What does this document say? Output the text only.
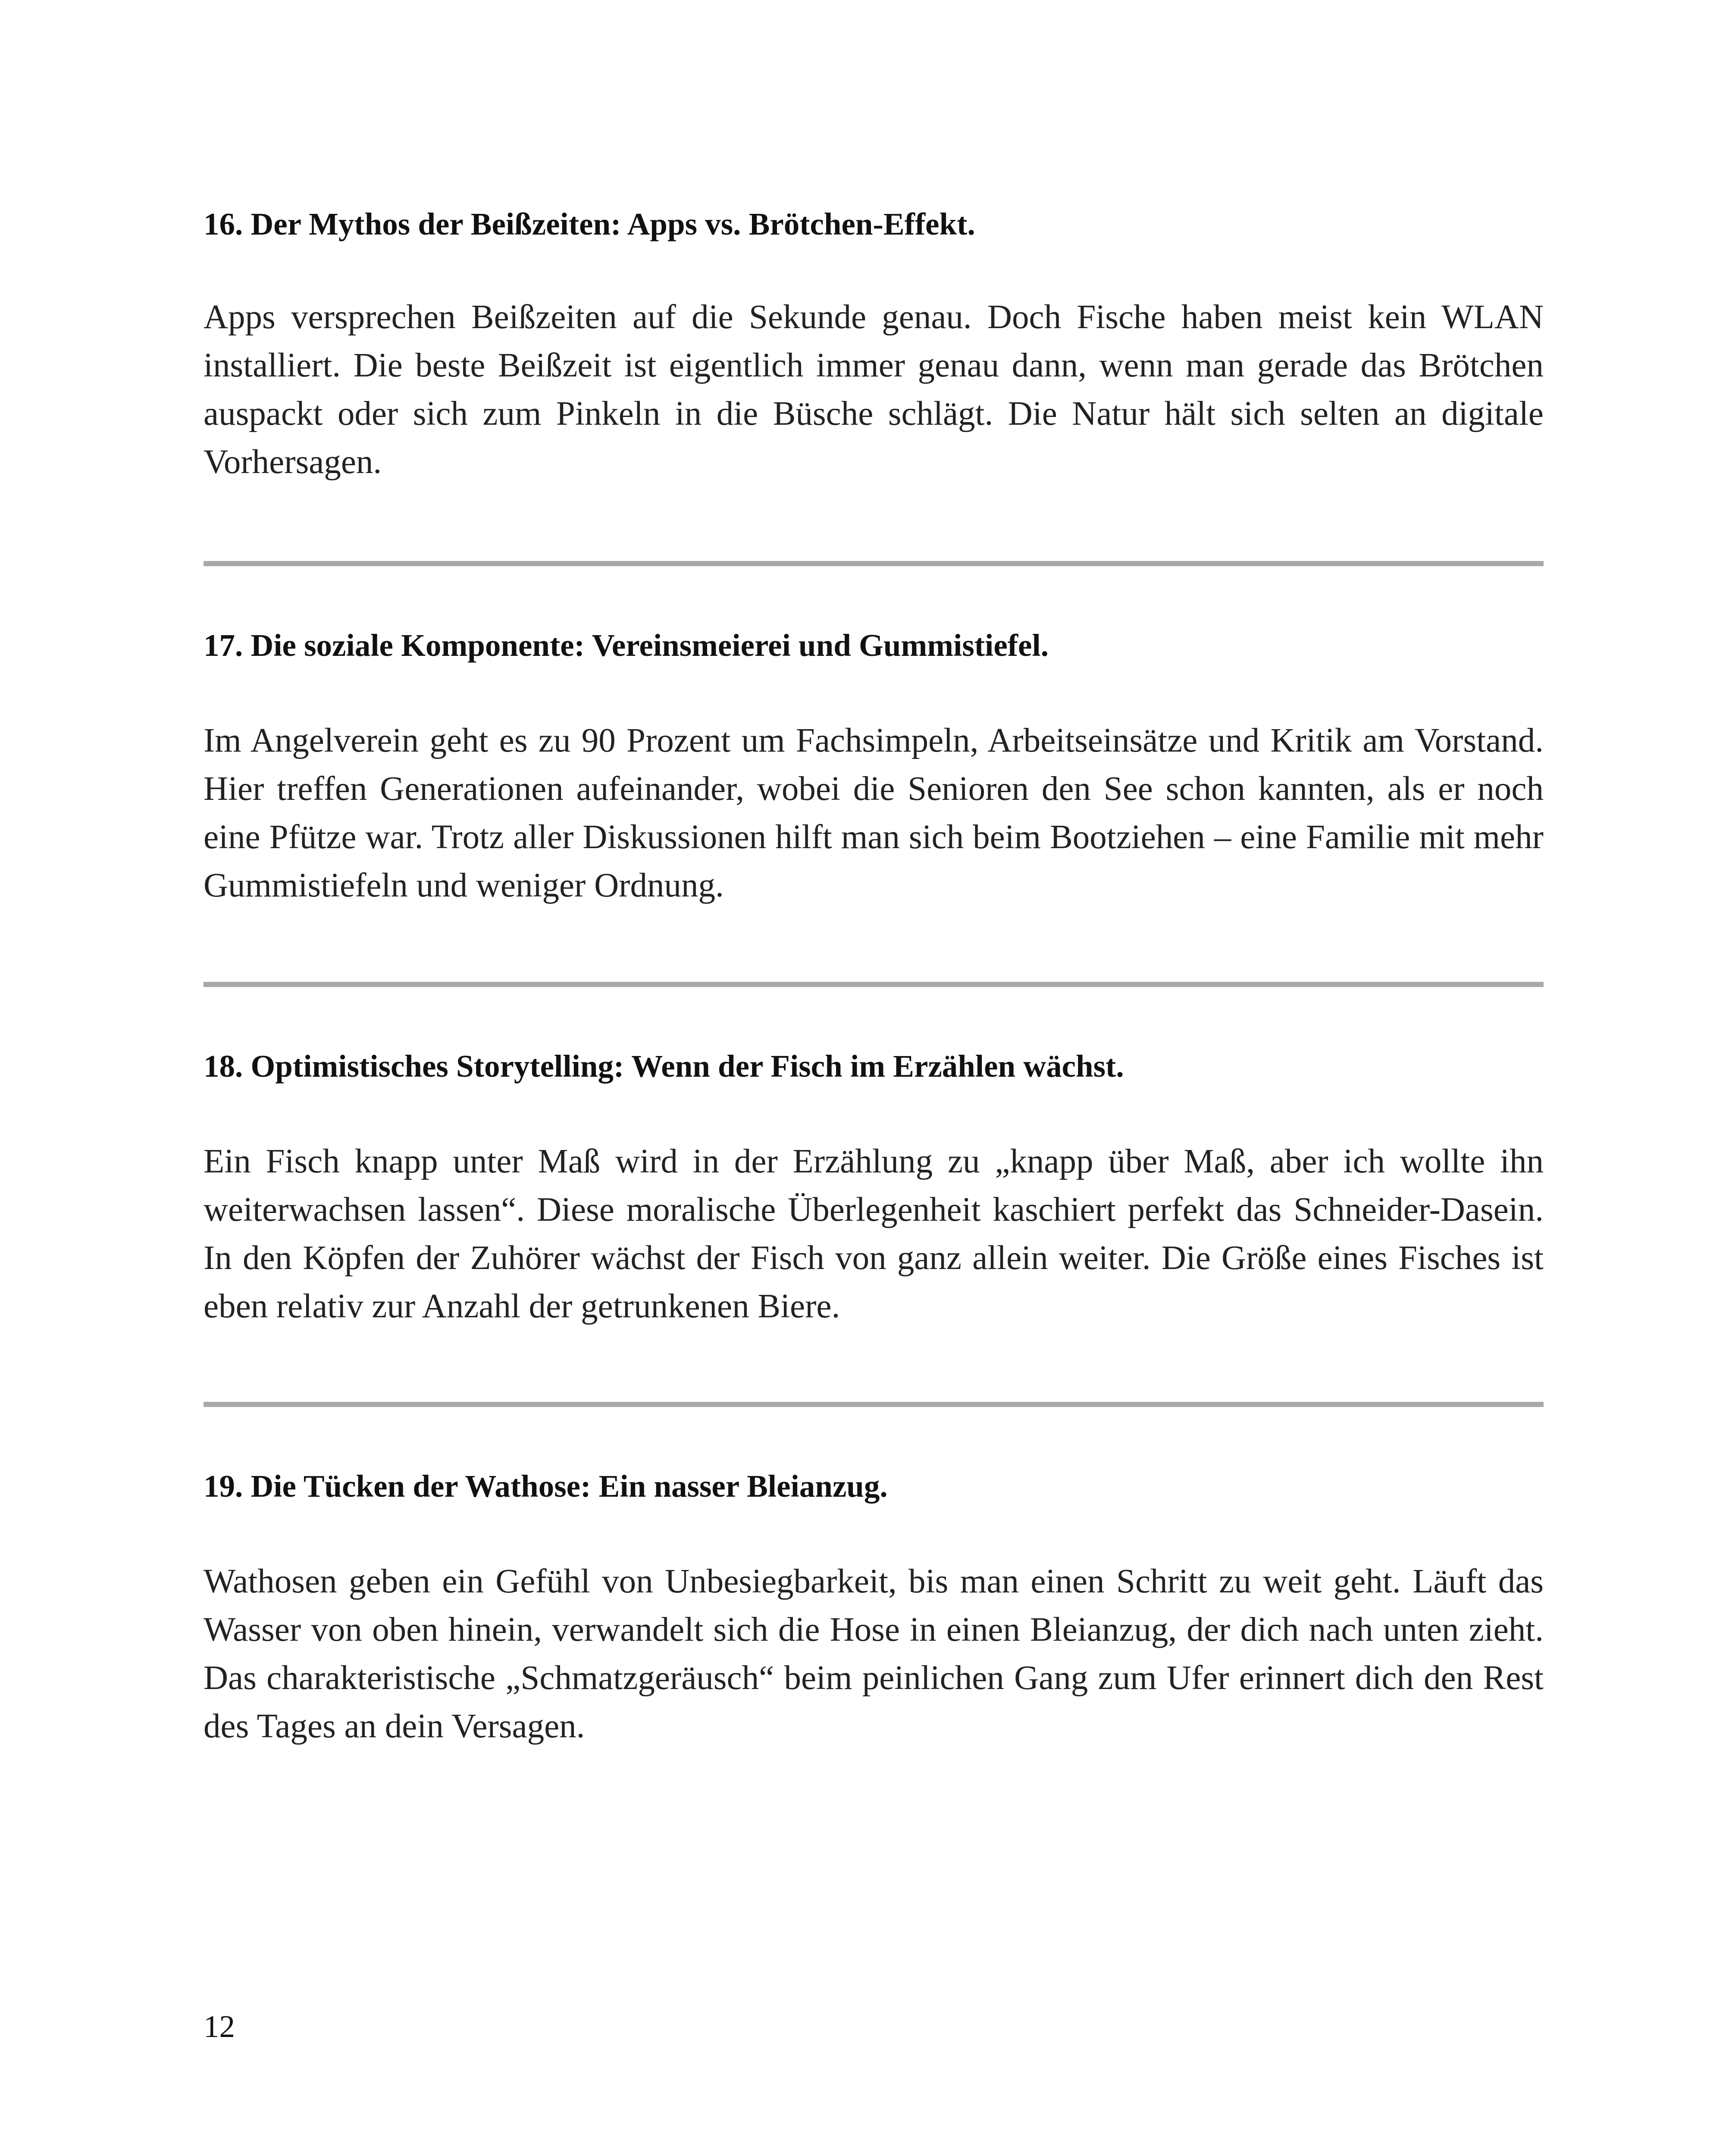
16. Der Mythos der Beißzeiten: Apps vs. Brötchen-Effekt.

Apps versprechen Beißzeiten auf die Sekunde genau. Doch Fische haben meist kein WLAN installiert. Die beste Beißzeit ist eigentlich immer genau dann, wenn man gerade das Brötchen auspackt oder sich zum Pinkeln in die Büsche schlägt. Die Natur hält sich selten an digitale Vorhersagen.

17. Die soziale Komponente: Vereinsmeierei und Gummistiefel.

Im Angelverein geht es zu 90 Prozent um Fachsimpeln, Arbeitseinsätze und Kritik am Vorstand. Hier treffen Generationen aufeinander, wobei die Senioren den See schon kannten, als er noch eine Pfütze war. Trotz aller Diskussionen hilft man sich beim Bootziehen – eine Familie mit mehr Gummistiefeln und weniger Ordnung.

18. Optimistisches Storytelling: Wenn der Fisch im Erzählen wächst.

Ein Fisch knapp unter Maß wird in der Erzählung zu „knapp über Maß, aber ich wollte ihn weiterwachsen lassen“. Diese moralische Überlegenheit kaschiert perfekt das Schneider-Dasein. In den Köpfen der Zuhörer wächst der Fisch von ganz allein weiter. Die Größe eines Fisches ist eben relativ zur Anzahl der getrunkenen Biere.

19. Die Tücken der Wathose: Ein nasser Bleianzug.

Wathosen geben ein Gefühl von Unbesiegbarkeit, bis man einen Schritt zu weit geht. Läuft das Wasser von oben hinein, verwandelt sich die Hose in einen Bleianzug, der dich nach unten zieht. Das charakteristische „Schmatzgeräusch“ beim peinlichen Gang zum Ufer erinnert dich den Rest des Tages an dein Versagen.

12
